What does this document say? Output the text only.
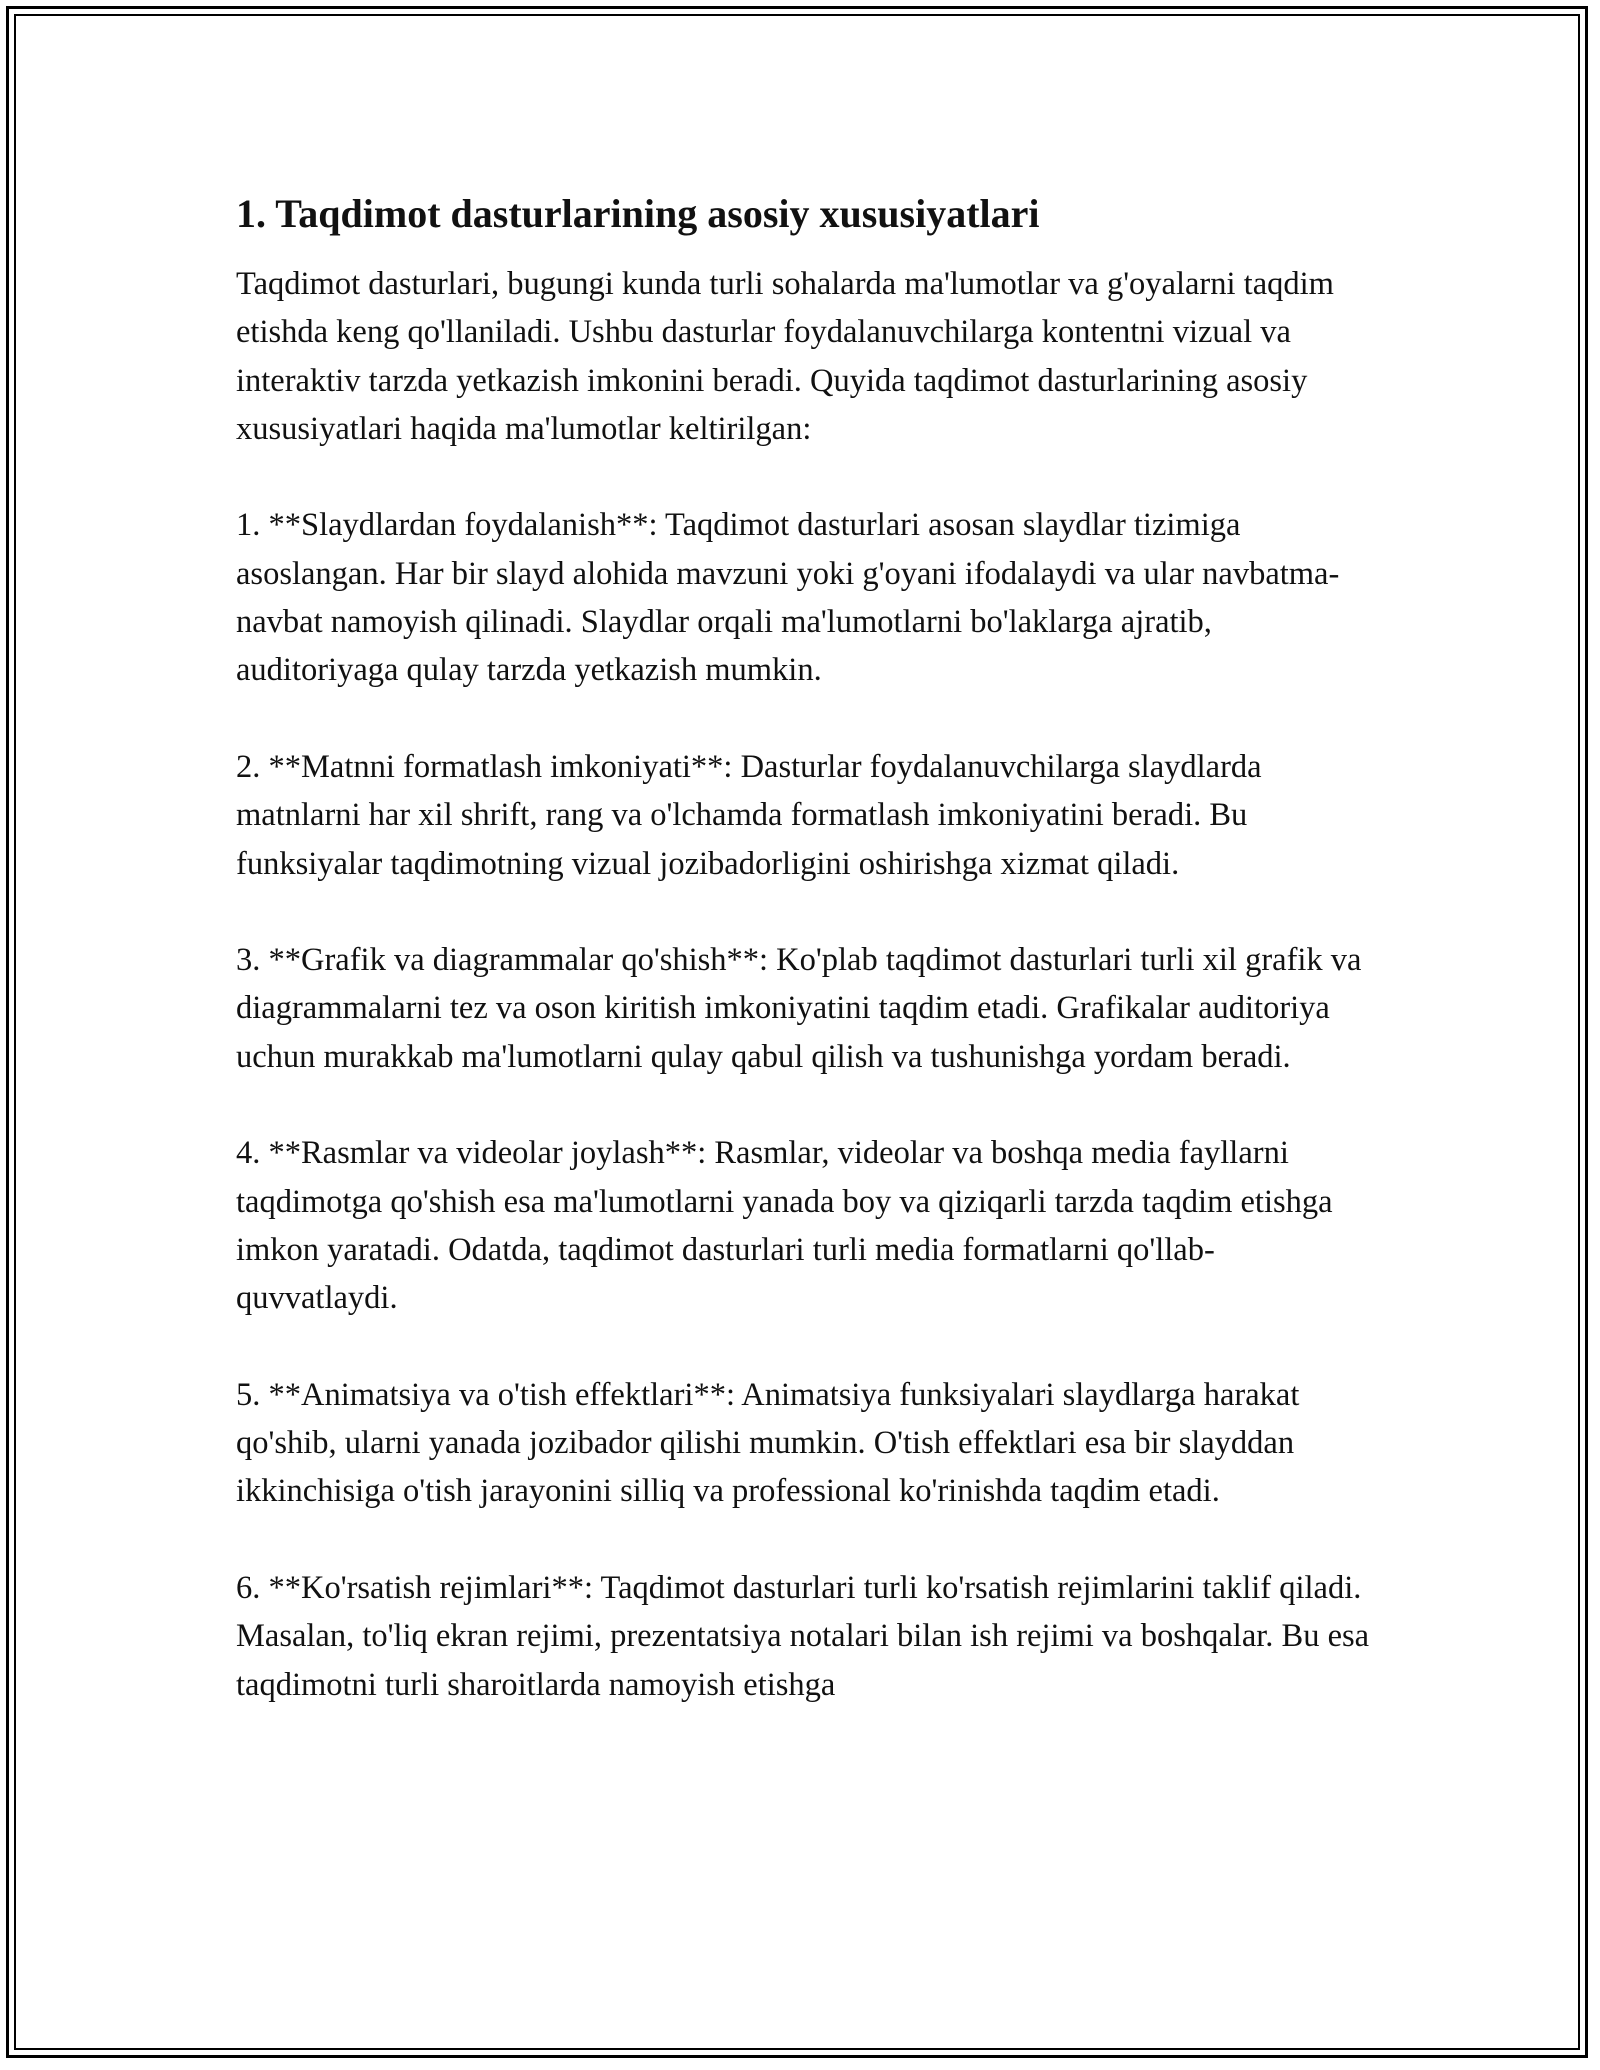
1. Taqdimot dasturlarining asosiy xususiyatlari

Taqdimot dasturlari, bugungi kunda turli sohalarda ma'lumotlar va g'oyalarni taqdim etishda keng qo'llaniladi. Ushbu dasturlar foydalanuvchilarga kontentni vizual va interaktiv tarzda yetkazish imkonini beradi. Quyida taqdimot dasturlarining asosiy xususiyatlari haqida ma'lumotlar keltirilgan:

1. **Slaydlardan foydalanish**: Taqdimot dasturlari asosan slaydlar tizimiga asoslangan. Har bir slayd alohida mavzuni yoki g'oyani ifodalaydi va ular navbatma-navbat namoyish qilinadi. Slaydlar orqali ma'lumotlarni bo'laklarga ajratib, auditoriyaga qulay tarzda yetkazish mumkin.

2. **Matnni formatlash imkoniyati**: Dasturlar foydalanuvchilarga slaydlarda matnlarni har xil shrift, rang va o'lchamda formatlash imkoniyatini beradi. Bu funksiyalar taqdimotning vizual jozibadorligini oshirishga xizmat qiladi.

3. **Grafik va diagrammalar qo'shish**: Ko'plab taqdimot dasturlari turli xil grafik va diagrammalarni tez va oson kiritish imkoniyatini taqdim etadi. Grafikalar auditoriya uchun murakkab ma'lumotlarni qulay qabul qilish va tushunishga yordam beradi.

4. **Rasmlar va videolar joylash**: Rasmlar, videolar va boshqa media fayllarni taqdimotga qo'shish esa ma'lumotlarni yanada boy va qiziqarli tarzda taqdim etishga imkon yaratadi. Odatda, taqdimot dasturlari turli media formatlarni qo'llab-quvvatlaydi.

5. **Animatsiya va o'tish effektlari**: Animatsiya funksiyalari slaydlarga harakat qo'shib, ularni yanada jozibador qilishi mumkin. O'tish effektlari esa bir slayddan ikkinchisiga o'tish jarayonini silliq va professional ko'rinishda taqdim etadi.

6. **Ko'rsatish rejimlari**: Taqdimot dasturlari turli ko'rsatish rejimlarini taklif qiladi. Masalan, to'liq ekran rejimi, prezentatsiya notalari bilan ish rejimi va boshqalar. Bu esa taqdimotni turli sharoitlarda namoyish etishga
